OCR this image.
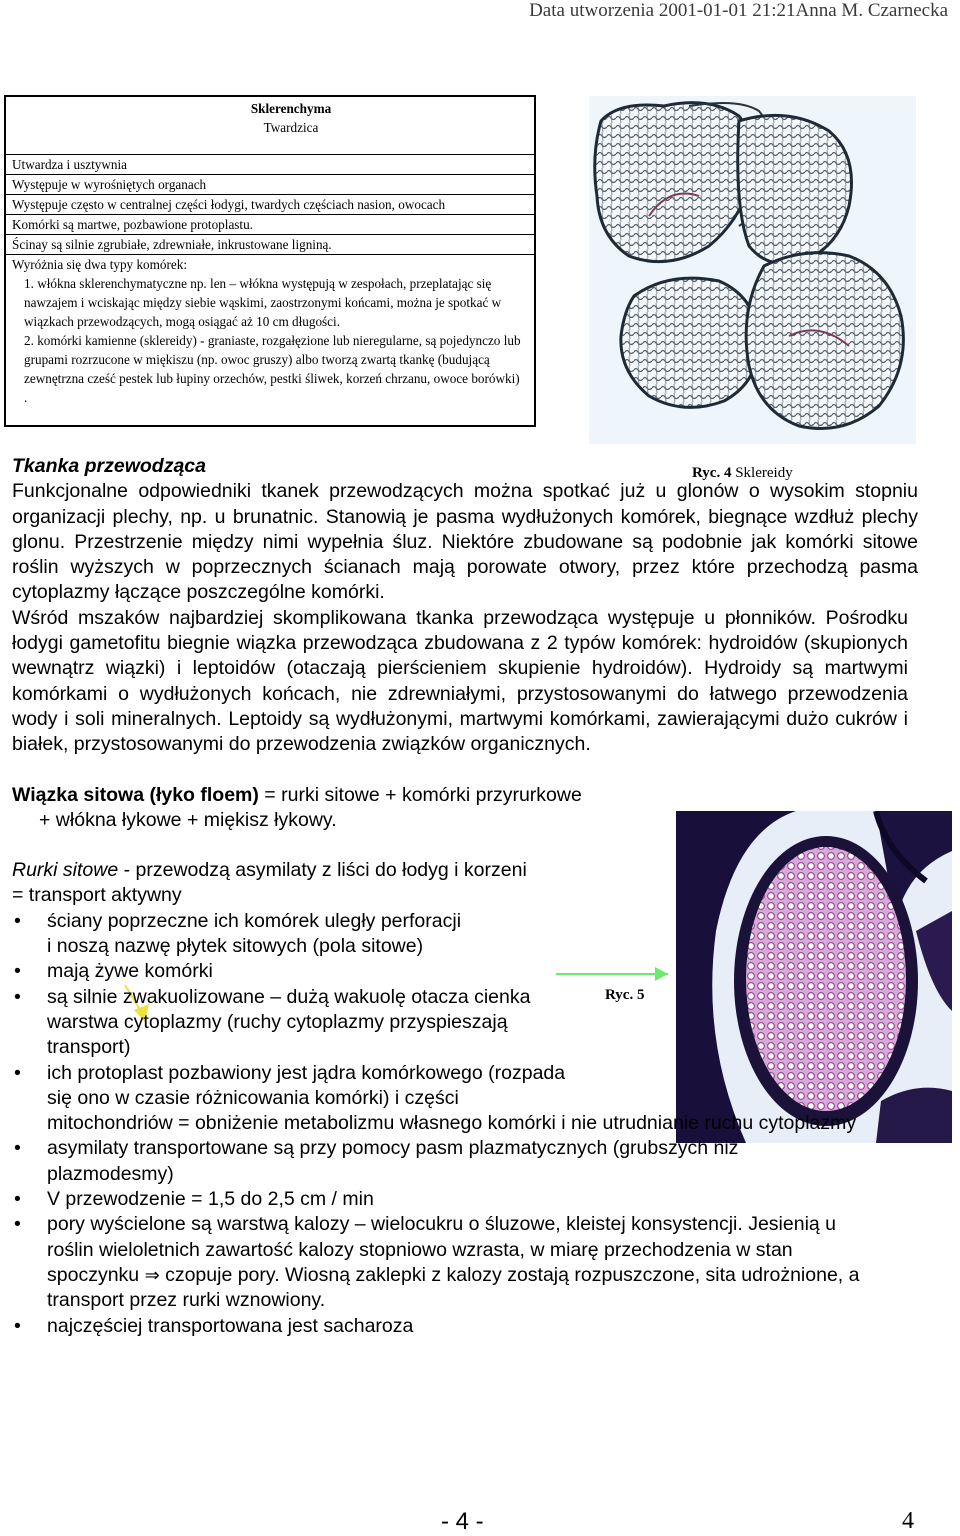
Data utworzenia 2001-01-01 21:21Anna M. Czarnecka
Sklerenchyma
Twardzica
Utwardza i usztywnia
Występuje w wyrośniętych organach
Występuje często w centralnej części łodygi, twardych częściach nasion, owocach
Komórki są martwe, pozbawione protoplastu.
Ścinay są silnie zgrubiałe, zdrewniałe, inkrustowane ligniną.
Wyróżnia się dwa typy komórek:
1. włókna sklerenchymatyczne np. len – włókna występują w zespołach, przeplatając się nawzajem i wciskając między siebie wąskimi, zaostrzonymi końcami, można je spotkać w wiązkach przewodzących, mogą osiągać aż 10 cm długości.
2. komórki kamienne (sklereidy) - graniaste, rozgałęzione lub nieregularne, są pojedynczo lub grupami rozrzucone w miękiszu (np. owoc gruszy) albo tworzą zwartą tkankę (budującą zewnętrzna cześć pestek lub łupiny orzechów, pestki śliwek, korzeń chrzanu, owoce borówki) .
Ryc. 4 Sklereidy
Ryc. 5
Tkanka przewodząca
Funkcjonalne odpowiedniki tkanek przewodzących można spotkać już u glonów o wysokim stopniu organizacji plechy, np. u brunatnic. Stanowią je pasma wydłużonych komórek, biegnące wzdłuż plechy glonu. Przestrzenie między nimi wypełnia śluz. Niektóre zbudowane są podobnie jak komórki sitowe roślin wyższych w poprzecznych ścianach mają porowate otwory, przez które przechodzą pasma cytoplazmy łączące poszczególne komórki.
Wśród mszaków najbardziej skomplikowana tkanka przewodząca występuje u płonników. Pośrodku łodygi gametofitu biegnie wiązka przewodząca zbudowana z 2 typów komórek: hydroidów (skupionych wewnątrz wiązki) i leptoidów (otaczają pierścieniem skupienie hydroidów). Hydroidy są martwymi komórkami o wydłużonych końcach, nie zdrewniałymi, przystosowanymi do łatwego przewodzenia wody i soli mineralnych. Leptoidy są wydłużonymi, martwymi komórkami, zawierającymi dużo cukrów i białek, przystosowanymi do przewodzenia związków organicznych.
Wiązka sitowa (łyko floem) = rurki sitowe + komórki przyrurkowe
+ włókna łykowe + miękisz łykowy.
Rurki sitowe - przewodzą asymilaty z liści do łodyg i korzeni
= transport aktywny
• ściany poprzeczne ich komórek uległy perforacji
i noszą nazwę płytek sitowych (pola sitowe)
• mają żywe komórki
• są silnie zwakuolizowane – dużą wakuolę otacza cienka
warstwa cytoplazmy (ruchy cytoplazmy przyspieszają
transport)
• ich protoplast pozbawiony jest jądra komórkowego (rozpada
się ono w czasie różnicowania komórki) i części
mitochondriów = obniżenie metabolizmu własnego komórki i nie utrudnianie ruchu cytoplazmy
• asymilaty transportowane są przy pomocy pasm plazmatycznych (grubszych niż plazmodesmy)
• V przewodzenie = 1,5 do 2,5 cm / min
• pory wyścielone są warstwą kalozy – wielocukru o śluzowe, kleistej konsystencji. Jesienią u roślin wieloletnich zawartość kalozy stopniowo wzrasta, w miarę przechodzenia w stan spoczynku ⇒ czopuje pory. Wiosną zaklepki z kalozy zostają rozpuszczone, sita udrożnione, a transport przez rurki wznowiony.
• najczęściej transportowana jest sacharoza
- 4 -	4
